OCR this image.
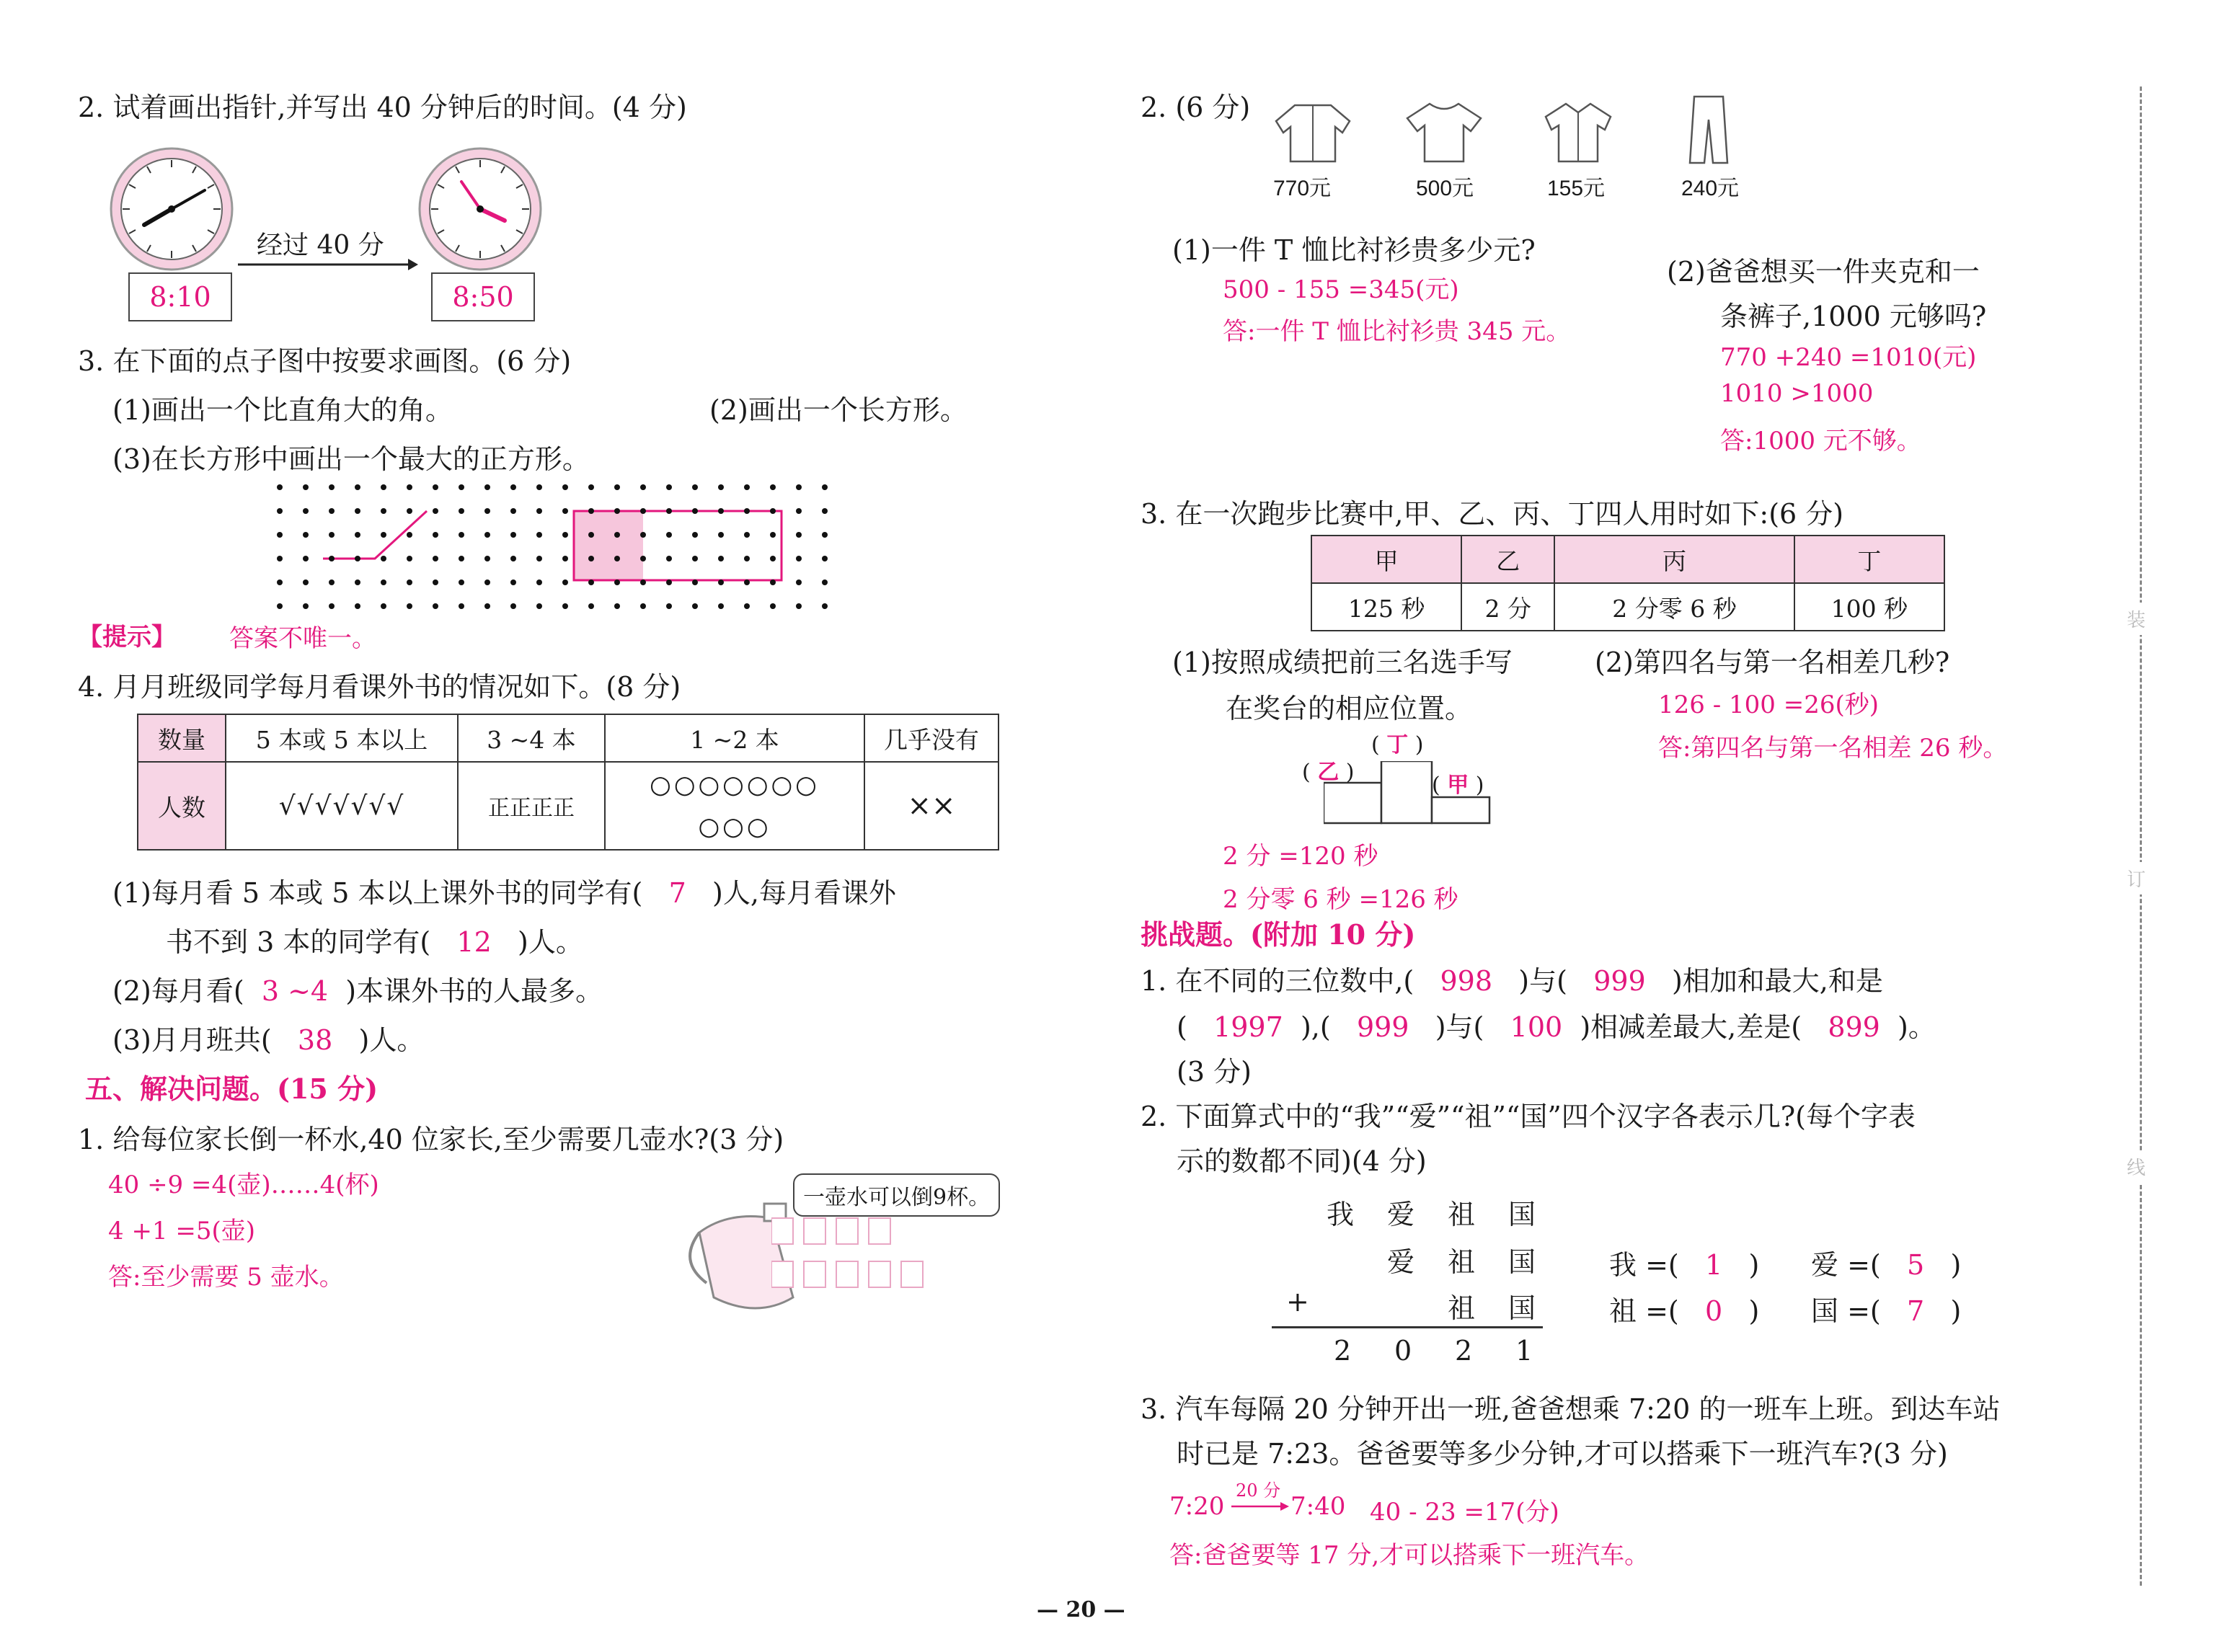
2. 试着画出指针,并写出 40 分钟后的时间。(4 分)
经过 40 分
8:10	8:50
3. 在下面的点子图中按要求画图。(6 分)
(1)画出一个比直角大的角。	(2)画出一个长方形。
(3)在长方形中画出一个最大的正方形。
【提示】 答案不唯一。
4. 月月班级同学每月看课外书的情况如下。(8 分)
数量	5 本或 5 本以上	3 ~4 本	1 ~2 本	几乎没有
人数	√√√√√√√	正正正正	○○○○○○○ ○○○	××
(1)每月看 5 本或 5 本以上课外书的同学有( 7 )人,每月看课外
书不到 3 本的同学有( 12 )人。
(2)每月看( 3 ~4 )本课外书的人最多。
(3)月月班共( 38 )人。
五、解决问题。(15 分)
1. 给每位家长倒一杯水,40 位家长,至少需要几壶水?(3 分)
40 ÷9 =4(壶)……4(杯)
4 +1 =5(壶)
答:至少需要 5 壶水。
一壶水可以倒9杯。
2. (6 分)
770元	500元	155元	240元
(1)一件 T 恤比衬衫贵多少元?
500 - 155 =345(元)
答:一件 T 恤比衬衫贵 345 元。
(2)爸爸想买一件夹克和一
条裤子,1000 元够吗?
770 +240 =1010(元)
1010 >1000
答:1000 元不够。
3. 在一次跑步比赛中,甲、乙、丙、丁四人用时如下:(6 分)
甲	乙	丙	丁
125 秒	2 分	2 分零 6 秒	100 秒
(1)按照成绩把前三名选手写
在奖台的相应位置。
(2)第四名与第一名相差几秒?
126 - 100 =26(秒)
答:第四名与第一名相差 26 秒。
( 丁 )
( 乙 )
( 甲 )
2 分 =120 秒
2 分零 6 秒 =126 秒
挑战题。(附加 10 分)
1. 在不同的三位数中,( 998 )与( 999 )相加和最大,和是
( 1997 ),( 999 )与( 100 )相减差最大,差是( 899 )。
(3 分)
2. 下面算式中的“我”“爱”“祖”“国”四个汉字各表示几?(每个字表
示的数都不同)(4 分)
我 爱 祖 国
爱 祖 国
+	祖 国
2 0 2 1
我 =( 1 ) 爱 =( 5 )
祖 =( 0 ) 国 =( 7 )
3. 汽车每隔 20 分钟开出一班,爸爸想乘 7:20 的一班车上班。到达车站
时已是 7:23。爸爸要等多少分钟,才可以搭乘下一班汽车?(3 分)
7:20
20 分
7:40 40 - 23 =17(分)
答:爸爸要等 17 分,才可以搭乘下一班汽车。
— 20 —
装
订
线
